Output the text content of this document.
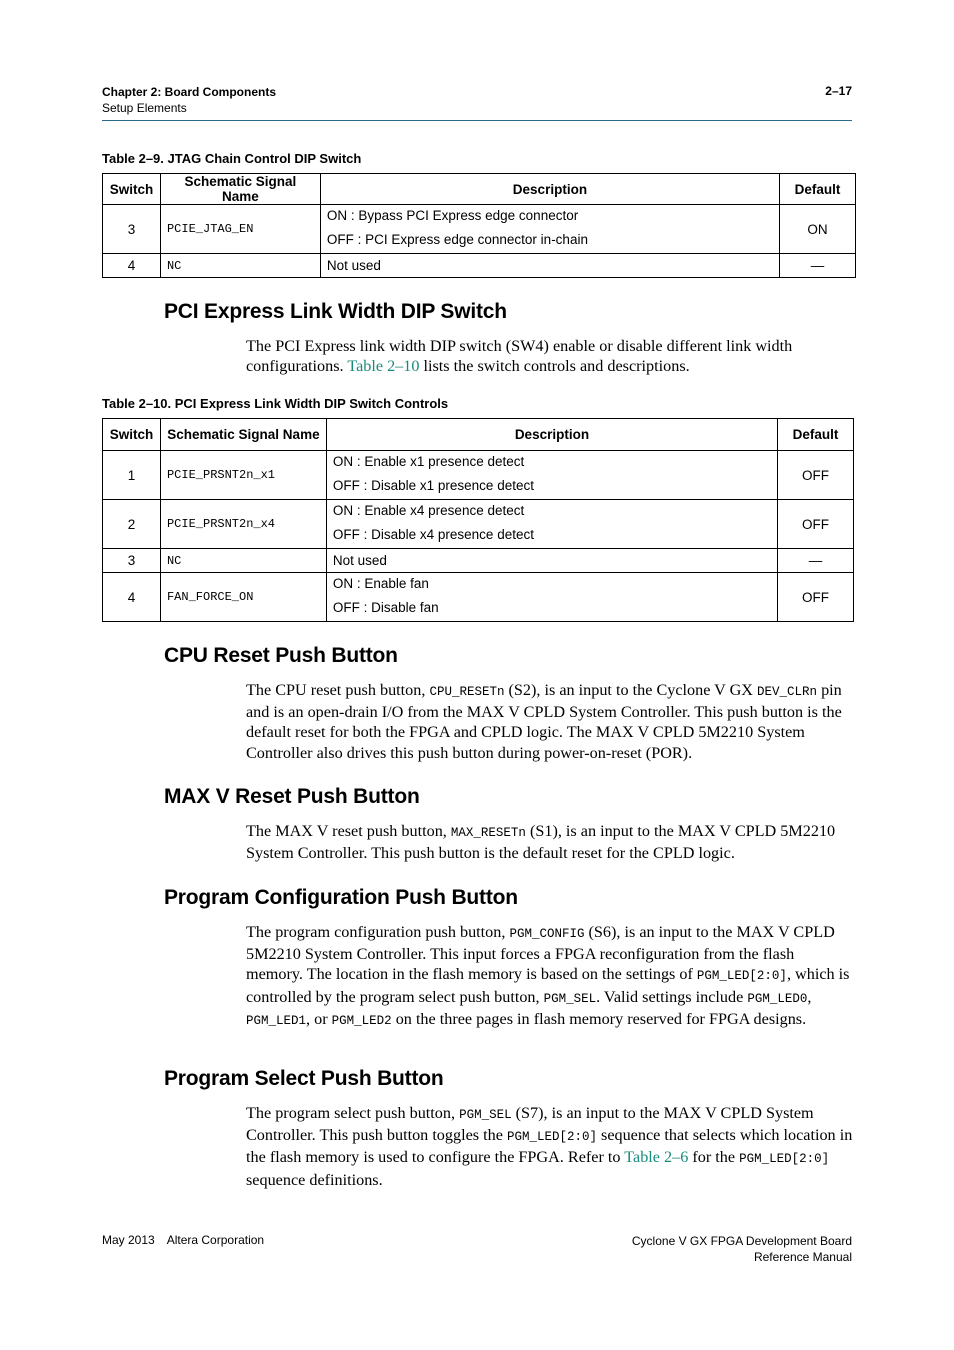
Chapter 2: Board Components
Setup Elements
2–17
Table 2–9. JTAG Chain Control DIP Switch
Switch	Schematic Signal Name	Description	Default
3	PCIE_JTAG_EN	ON : Bypass PCI Express edge connector
OFF : PCI Express edge connector in-chain	ON
4	NC	Not used	—
PCI Express Link Width DIP Switch
The PCI Express link width DIP switch (SW4) enable or disable different link width configurations. Table 2–10 lists the switch controls and descriptions.
Table 2–10. PCI Express Link Width DIP Switch Controls
Switch	Schematic Signal Name	Description	Default
1	PCIE_PRSNT2n_x1	ON : Enable x1 presence detect
OFF : Disable x1 presence detect	OFF
2	PCIE_PRSNT2n_x4	ON : Enable x4 presence detect
OFF : Disable x4 presence detect	OFF
3	NC	Not used	—
4	FAN_FORCE_ON	ON : Enable fan
OFF : Disable fan	OFF
CPU Reset Push Button
The CPU reset push button, CPU_RESETn (S2), is an input to the Cyclone V GX DEV_CLRn pin and is an open-drain I/O from the MAX V CPLD System Controller. This push button is the default reset for both the FPGA and CPLD logic. The MAX V CPLD 5M2210 System Controller also drives this push button during power-on-reset (POR).
MAX V Reset Push Button
The MAX V reset push button, MAX_RESETn (S1), is an input to the MAX V CPLD 5M2210 System Controller. This push button is the default reset for the CPLD logic.
Program Configuration Push Button
The program configuration push button, PGM_CONFIG (S6), is an input to the MAX V CPLD 5M2210 System Controller. This input forces a FPGA reconfiguration from the flash memory. The location in the flash memory is based on the settings of PGM_LED[2:0], which is controlled by the program select push button, PGM_SEL. Valid settings include PGM_LED0, PGM_LED1, or PGM_LED2 on the three pages in flash memory reserved for FPGA designs.
Program Select Push Button
The program select push button, PGM_SEL (S7), is an input to the MAX V CPLD System Controller. This push button toggles the PGM_LED[2:0] sequence that selects which location in the flash memory is used to configure the FPGA. Refer to Table 2–6 for the PGM_LED[2:0] sequence definitions.
May 2013 Altera Corporation	Cyclone V GX FPGA Development Board
Reference Manual
